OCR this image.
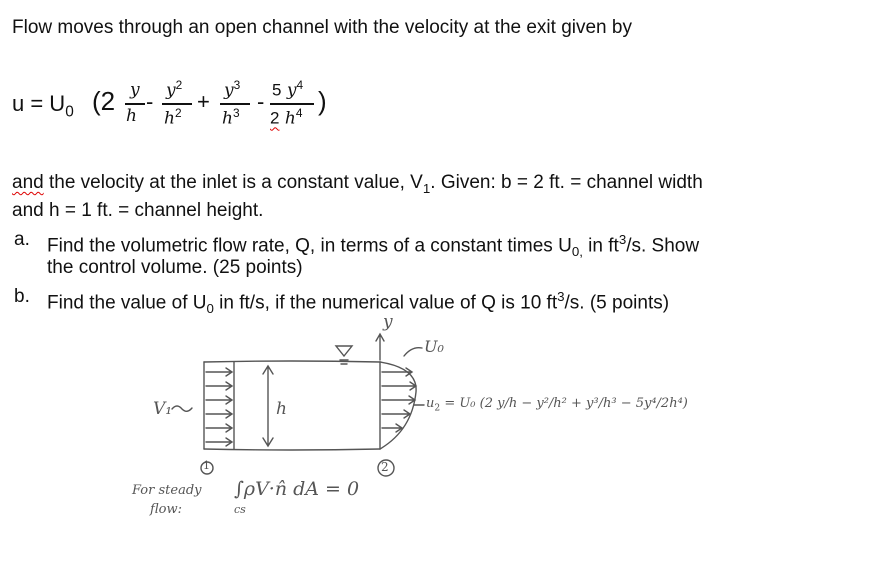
Flow moves through an open channel with the velocity at the exit given by
$u = U_0$ (2 y
h
- $y^2$
$h^2 + y^3$
$h^3 - 5$ $y^4$
2 $h^4$ )
and the velocity at the inlet is a constant value, $V_1$. Given: b = 2 ft. = channel width
and h = 1 ft. = channel height.
a. Find the volumetric flow rate, Q, in terms of a constant times $U_{0,}$ in $ft^3/s$. Show
the control volume. (25 points)
b. Find the value of $U_0$ in ft/s, if the numerical value of Q is 10 $ft^3/s$. (5 points)
y
U₀
V₁	h
1	2
$u_2 = U_0$ (2 y/h − y²/h² + y³/h³ − 5y⁴/2h⁴)
For steady
flow:
∫ρV·n̂ dA = 0
cs
